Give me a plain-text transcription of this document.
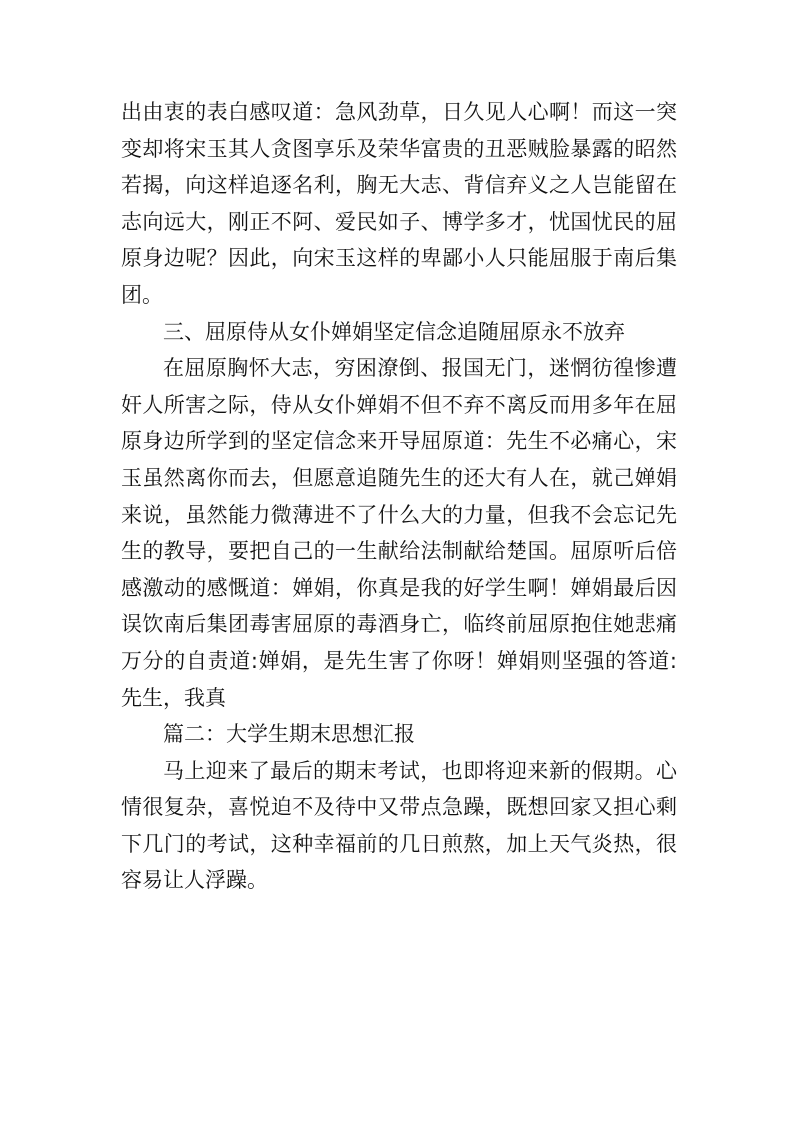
出由衷的表白感叹道：急风劲草，日久见人心啊！而这一突变却将宋玉其人贪图享乐及荣华富贵的丑恶贼脸暴露的昭然若揭，向这样追逐名利，胸无大志、背信弃义之人岂能留在志向远大，刚正不阿、爱民如子、博学多才，忧国忧民的屈原身边呢？因此，向宋玉这样的卑鄙小人只能屈服于南后集团。

三、屈原侍从女仆婵娟坚定信念追随屈原永不放弃

在屈原胸怀大志，穷困潦倒、报国无门，迷惘彷徨惨遭奸人所害之际，侍从女仆婵娟不但不弃不离反而用多年在屈原身边所学到的坚定信念来开导屈原道：先生不必痛心，宋玉虽然离你而去，但愿意追随先生的还大有人在，就己婵娟来说，虽然能力微薄进不了什么大的力量，但我不会忘记先生的教导，要把自己的一生献给法制献给楚国。屈原听后倍感激动的感慨道：婵娟，你真是我的好学生啊！婵娟最后因误饮南后集团毒害屈原的毒酒身亡，临终前屈原抱住她悲痛万分的自责道:婵娟，是先生害了你呀！婵娟则坚强的答道:先生，我真

篇二：大学生期末思想汇报

马上迎来了最后的期末考试，也即将迎来新的假期。心情很复杂，喜悦迫不及待中又带点急躁，既想回家又担心剩下几门的考试，这种幸福前的几日煎熬，加上天气炎热，很容易让人浮躁。
